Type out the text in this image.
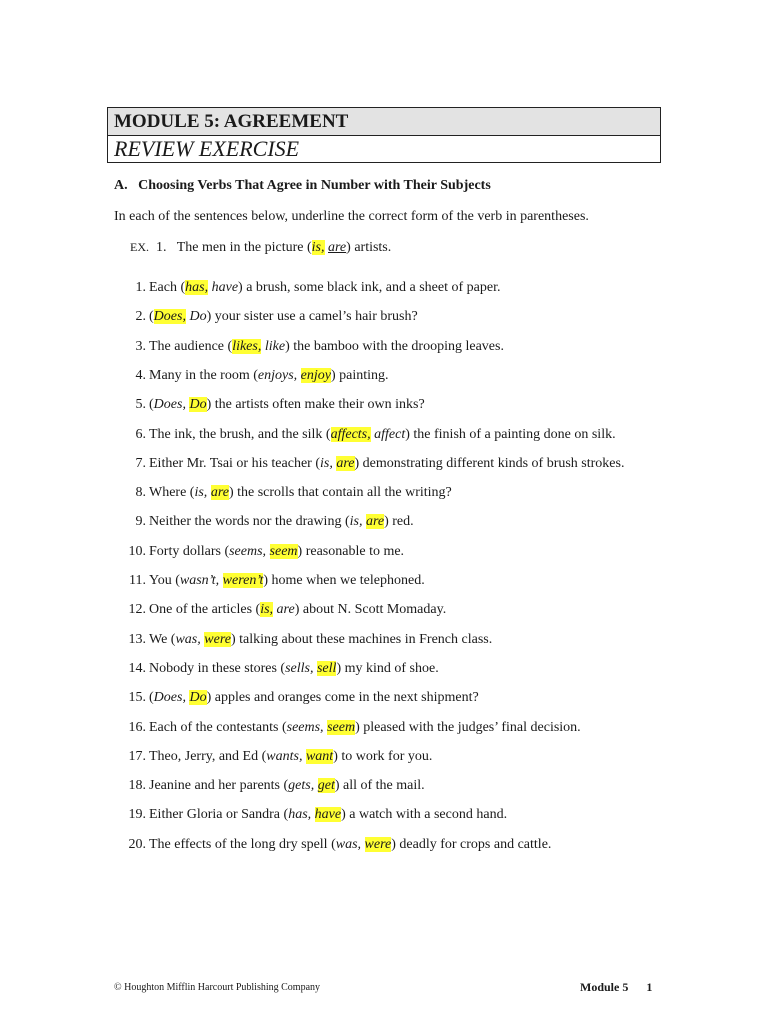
MODULE 5: AGREEMENT
REVIEW EXERCISE
A. Choosing Verbs That Agree in Number with Their Subjects
In each of the sentences below, underline the correct form of the verb in parentheses.
EX. 1. The men in the picture (is, are) artists.
1. Each (has, have) a brush, some black ink, and a sheet of paper.
2. (Does, Do) your sister use a camel’s hair brush?
3. The audience (likes, like) the bamboo with the drooping leaves.
4. Many in the room (enjoys, enjoy) painting.
5. (Does, Do) the artists often make their own inks?
6. The ink, the brush, and the silk (affects, affect) the finish of a painting done on silk.
7. Either Mr. Tsai or his teacher (is, are) demonstrating different kinds of brush strokes.
8. Where (is, are) the scrolls that contain all the writing?
9. Neither the words nor the drawing (is, are) red.
10. Forty dollars (seems, seem) reasonable to me.
11. You (wasn’t, weren’t) home when we telephoned.
12. One of the articles (is, are) about N. Scott Momaday.
13. We (was, were) talking about these machines in French class.
14. Nobody in these stores (sells, sell) my kind of shoe.
15. (Does, Do) apples and oranges come in the next shipment?
16. Each of the contestants (seems, seem) pleased with the judges’ final decision.
17. Theo, Jerry, and Ed (wants, want) to work for you.
18. Jeanine and her parents (gets, get) all of the mail.
19. Either Gloria or Sandra (has, have) a watch with a second hand.
20. The effects of the long dry spell (was, were) deadly for crops and cattle.
© Houghton Mifflin Harcourt Publishing Company	Module 5 1
